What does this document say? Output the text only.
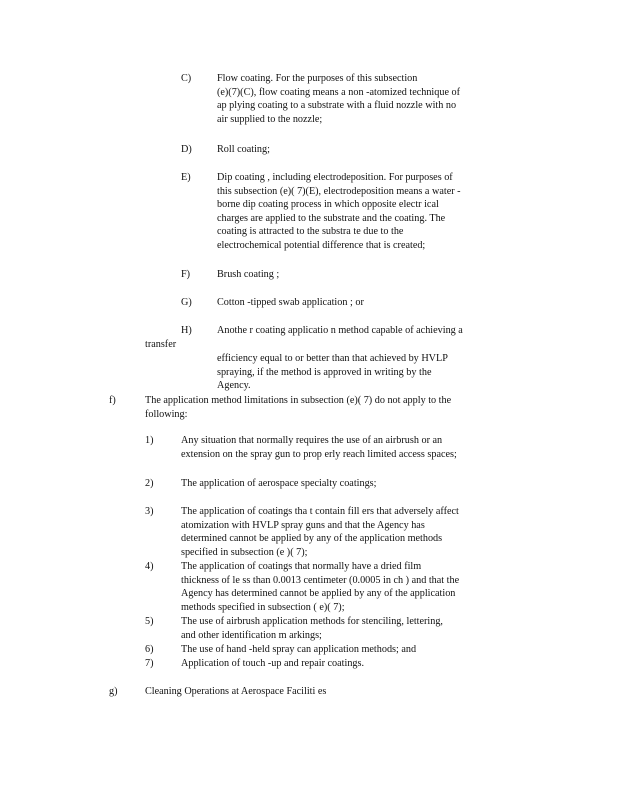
C)	Flow coating. For the purposes of this subsection
(e)(7)(C), flow coating means a non -atomized technique of
ap plying coating to a substrate with a fluid nozzle with no
air supplied to the nozzle;
D) Roll coating;
E)	Dip coating , including electrodeposition. For purposes of
this subsection (e)( 7)(E), electrodeposition means a water -
borne dip coating process in which opposite electr ical
charges are applied to the substrate and the coating. The
coating is attracted to the substra te due to the
electrochemical potential difference that is created;
F)	Brush coating ;
G) Cotton -tipped swab application ; or
H) Anothe r coating applicatio n method capable of achieving a
transfer
efficiency equal to or better than that achieved by HVLP
spraying, if the method is approved in writing by the
Agency.
f)	The application method limitations in subsection (e)( 7) do not apply to the
following:
1)	Any situation that normally requires the use of an airbrush or an
extension on the spray gun to prop erly reach limited access spaces;
2)	The application of aerospace specialty coatings;
3)	The application of coatings tha t contain fill ers that adversely affect
atomization with HVLP spray guns and that the Agency has
determined cannot be applied by any of the application methods
specified in subsection (e )( 7);
4)	The application of coatings that normally have a dried film
thickness of le ss than 0.0013 centimeter (0.0005 in ch ) and that the
Agency has determined cannot be applied by any of the application
methods specified in subsection ( e)( 7);
5)	The use of airbrush application methods for stenciling, lettering,
and other identification m arkings;
6)	The use of hand -held spray can application methods; and
7)	Application of touch -up and repair coatings.
g)	Cleaning Operations at Aerospace Faciliti es
